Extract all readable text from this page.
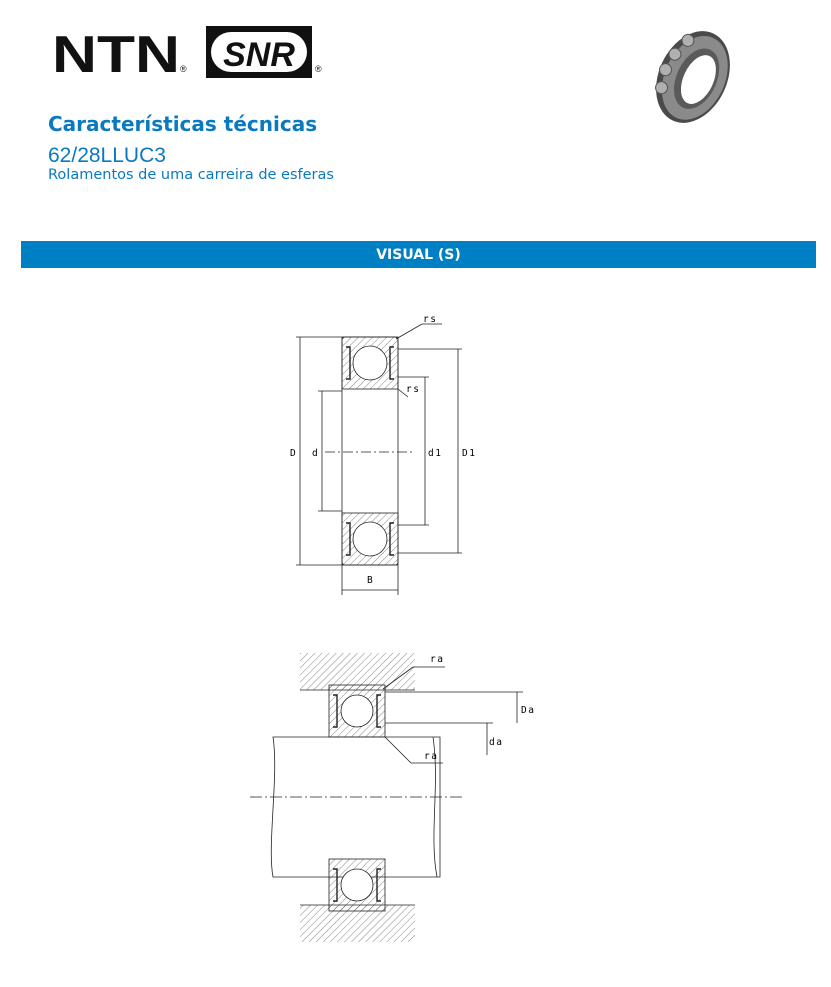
NTN ® SNR ®
Características técnicas
62/28LLUC3
Rolamentos de uma carreira de esferas
VISUAL (S)
rs
rs
D d	d1 D1
B
ra
Da
da
ra
